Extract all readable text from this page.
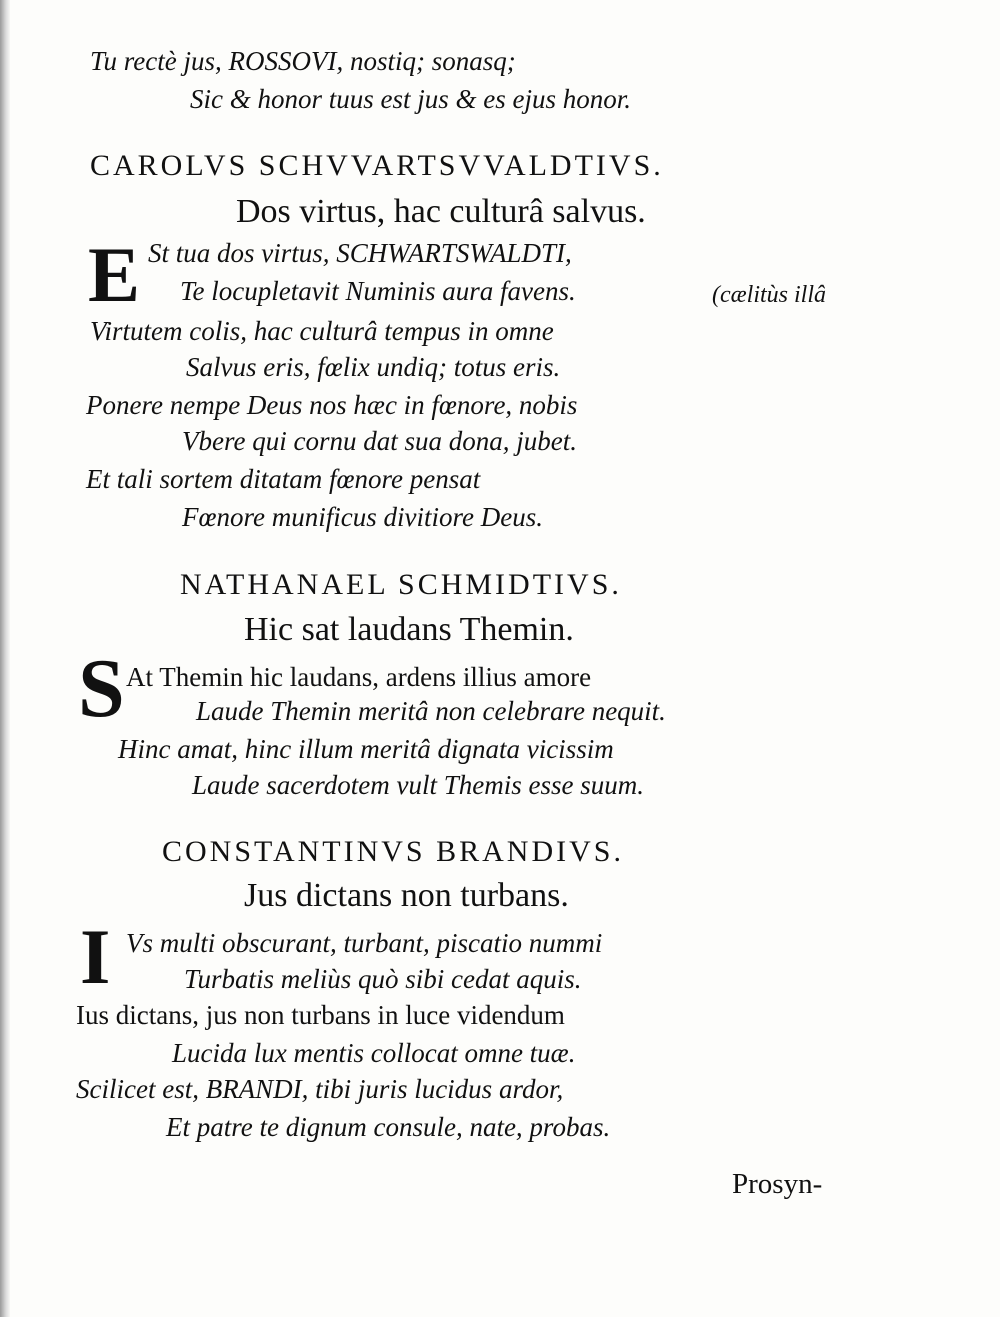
Tu rectè jus, ROSSOVI, nostiq; sonasq;
Sic & honor tuus est jus & es ejus honor.
CAROLVS SCHVVARTSVVALDTIVS.
Dos virtus, hac culturâ salvus.
E St tua dos virtus, SCHWARTSWALDTI,
Te locupletavit Numinis aura favens.	(cælitùs illâ
Virtutem colis, hac culturâ tempus in omne
Salvus eris, fœlix undiq; totus eris.
Ponere nempe Deus nos hæc in fœnore, nobis
Vbere qui cornu dat sua dona, jubet.
Et tali sortem ditatam fœnore pensat
Fœnore munificus divitiore Deus.
NATHANAEL SCHMIDTIVS.
Hic sat laudans Themin.
S At Themin hic laudans, ardens illius amore
Laude Themin meritâ non celebrare nequit.
Hinc amat, hinc illum meritâ dignata vicissim
Laude sacerdotem vult Themis esse suum.
CONSTANTINVS BRANDIVS.
Jus dictans non turbans.
I Vs multi obscurant, turbant, piscatio nummi
Turbatis meliùs quò sibi cedat aquis.
Ius dictans, jus non turbans in luce videndum
Lucida lux mentis collocat omne tuæ.
Scilicet est, BRANDI, tibi juris lucidus ardor,
Et patre te dignum consule, nate, probas.
Prosyn-
